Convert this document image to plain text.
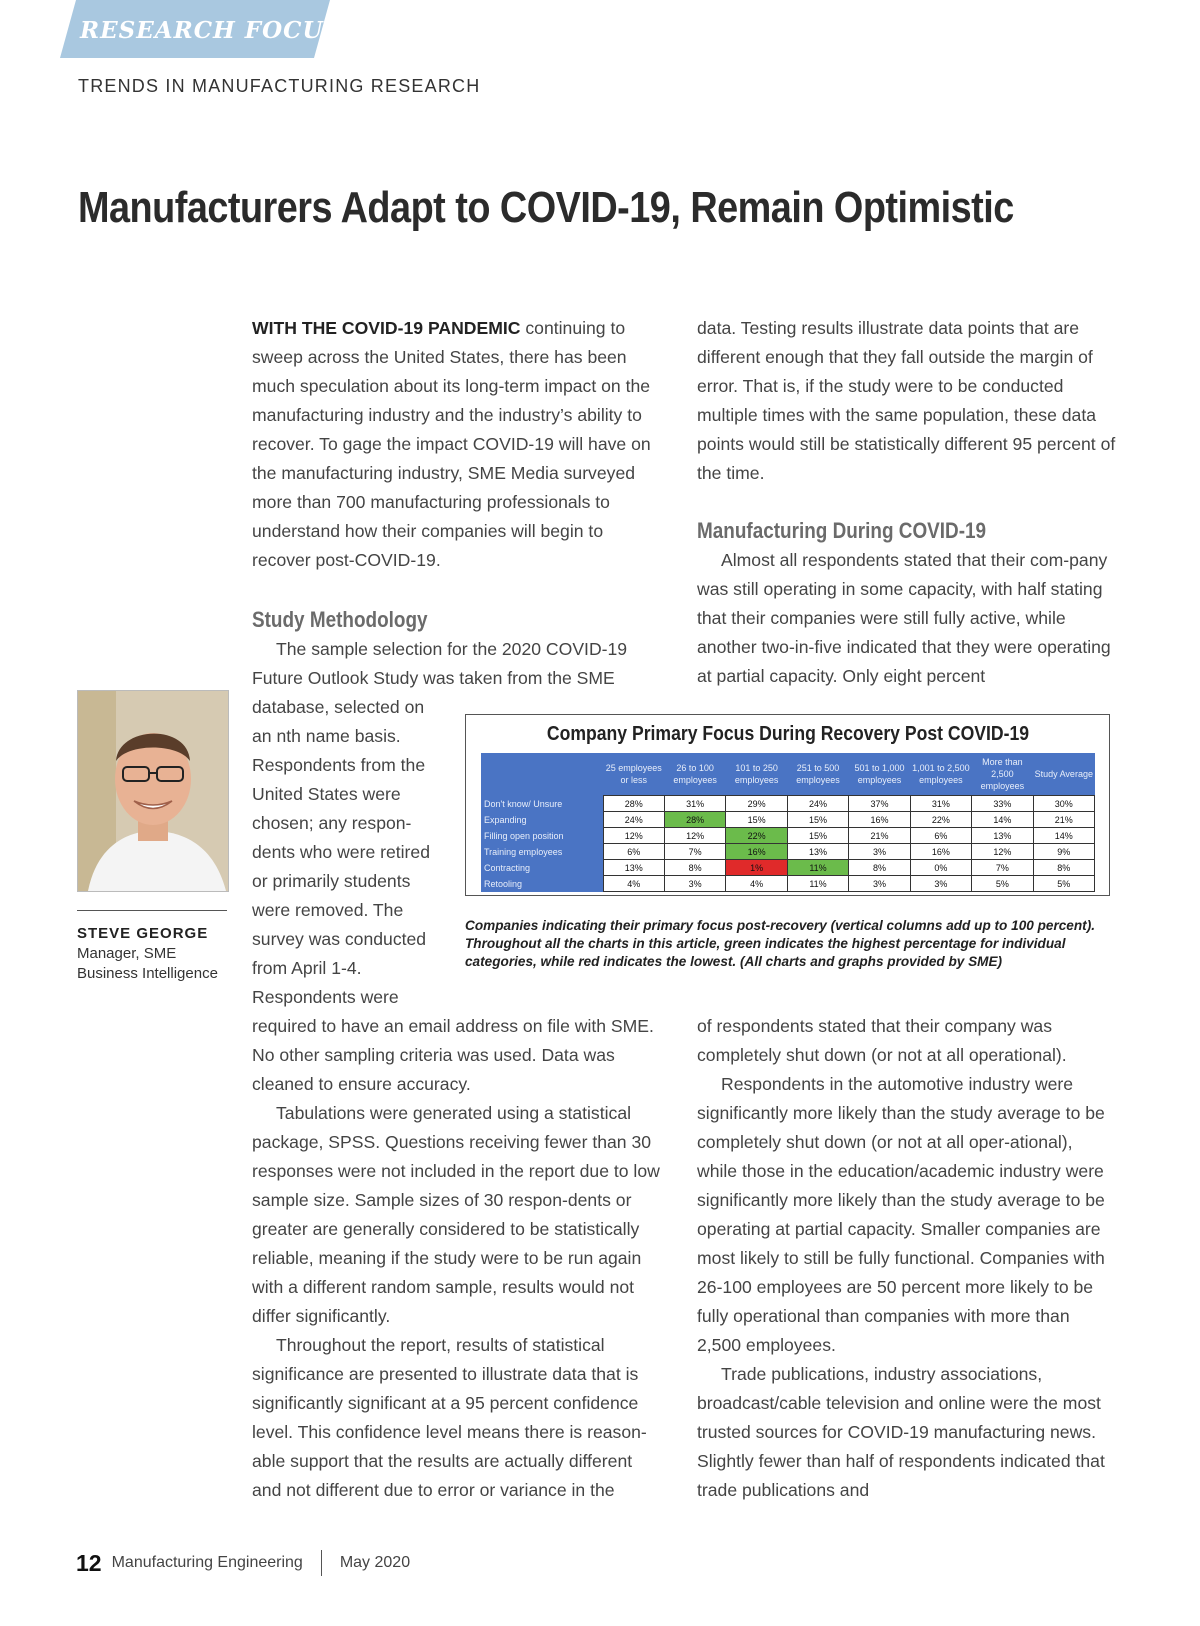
RESEARCH FOCUS
TRENDS IN MANUFACTURING RESEARCH
Manufacturers Adapt to COVID-19, Remain Optimistic

WITH THE COVID-19 PANDEMIC continuing to sweep across the United States, there has been much speculation about its long-term impact on the manufacturing industry and the industry’s ability to recover. To gage the impact COVID-19 will have on the manufacturing industry, SME Media surveyed more than 700 manufacturing professionals to understand how their companies will begin to recover post-COVID-19.

Study Methodology

The sample selection for the 2020 COVID-19 Future Outlook Study was taken from the SME

database, selected on an nth name basis. Respondents from the United States were chosen; any respon-dents who were retired or primarily students were removed. The survey was conducted from April 1-4. Respondents were

required to have an email address on file with SME. No other sampling criteria was used. Data was cleaned to ensure accuracy.

Tabulations were generated using a statistical package, SPSS. Questions receiving fewer than 30 responses were not included in the report due to low sample size. Sample sizes of 30 respon-dents or greater are generally considered to be statistically reliable, meaning if the study were to be run again with a different random sample, results would not differ significantly.

Throughout the report, results of statistical significance are presented to illustrate data that is significantly significant at a 95 percent confidence level. This confidence level means there is reason-able support that the results are actually different and not different due to error or variance in the

data. Testing results illustrate data points that are different enough that they fall outside the margin of error. That is, if the study were to be conducted multiple times with the same population, these data points would still be statistically different 95 percent of the time.

Manufacturing During COVID-19

Almost all respondents stated that their com-pany was still operating in some capacity, with half stating that their companies were still fully active, while another two-in-five indicated that they were operating at partial capacity. Only eight percent

of respondents stated that their company was completely shut down (or not at all operational).

Respondents in the automotive industry were significantly more likely than the study average to be completely shut down (or not at all oper-ational), while those in the education/academic industry were significantly more likely than the study average to be operating at partial capacity. Smaller companies are most likely to still be fully functional. Companies with 26-100 employees are 50 percent more likely to be fully operational than companies with more than 2,500 employees.

Trade publications, industry associations, broadcast/cable television and online were the most trusted sources for COVID-19 manufacturing news. Slightly fewer than half of respondents indicated that trade publications and

STEVE GEORGE
Manager, SME Business Intelligence
Company Primary Focus During Recovery Post COVID-19
	25 employees or less	26 to 100 employees	101 to 250 employees	251 to 500 employees	501 to 1,000 employees	1,001 to 2,500 employees	More than 2,500 employees	Study Average
Don't know/ Unsure	28%	31%	29%	24%	37%	31%	33%	30%
Expanding	24%	28%	15%	15%	16%	22%	14%	21%
Filling open position	12%	12%	22%	15%	21%	6%	13%	14%
Training employees	6%	7%	16%	13%	3%	16%	12%	9%
Contracting	13%	8%	1%	11%	8%	0%	7%	8%
Retooling	4%	3%	4%	11%	3%	3%	5%	5%
Companies indicating their primary focus post-recovery (vertical columns add up to 100 percent). Throughout all the charts in this article, green indicates the highest percentage for individual categories, while red indicates the lowest. (All charts and graphs provided by SME)
12 Manufacturing Engineering May 2020
